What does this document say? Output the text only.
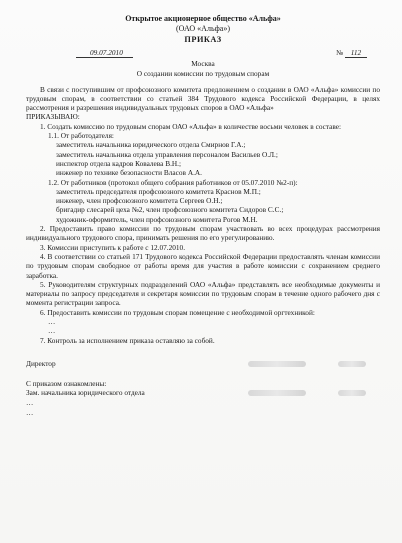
Открытое акционерное общество «Альфа»
(ОАО «Альфа»)
ПРИКАЗ
09.07.2010	№ 112
Москва
О создании комиссии по трудовым спорам

В связи с поступившим от профсоюзного комитета предложением о создании в ОАО «Альфа» комиссии по трудовым спорам, в соответствии со статьей 384 Трудового кодекса Российской Федерации, в целях рассмотрения и разрешения индивидуальных трудовых споров в ОАО «Альфа»

ПРИКАЗЫВАЮ:

1. Создать комиссию по трудовым спорам ОАО «Альфа» в количестве восьми человек в составе:

1.1. От работодателя:

заместитель начальника юридического отдела Смирнов Г.А.;

заместитель начальника отдела управления персоналом Васильев О.Л.;

инспектор отдела кадров Ковалева В.Н.;

инженер по технике безопасности Власов А.А.

1.2. От работников (протокол общего собрания работников от 05.07.2010 №2-п):

заместитель председателя профсоюзного комитета Краснов М.П.;

инженер, член профсоюзного комитета Сергеев О.Н.;

бригадир слесарей цеха №2, член профсоюзного комитета Сидоров С.С.;

художник-оформитель, член профсоюзного комитета Рогов М.Н.

2. Предоставить право комиссии по трудовым спорам участвовать во всех процедурах рассмотрения индивидуального трудового спора, принимать решения по его урегулированию.

3. Комиссии приступить к работе с 12.07.2010.

4. В соответствии со статьей 171 Трудового кодекса Российской Федерации предоставлять членам комиссии по трудовым спорам свободное от работы время для участия в работе комиссии с сохранением среднего заработка.

5. Руководителям структурных подразделений ОАО «Альфа» представлять все необходимые документы и материалы по запросу председателя и секретаря комиссии по трудовым спорам в течение одного рабочего дня с момента регистрации запроса.

6. Предоставить комиссии по трудовым спорам помещение с необходимой оргтехникой:

…

…

7. Контроль за исполнением приказа оставляю за собой.

Директор

С приказом ознакомлены:

Зам. начальника юридического отдела

…

…
